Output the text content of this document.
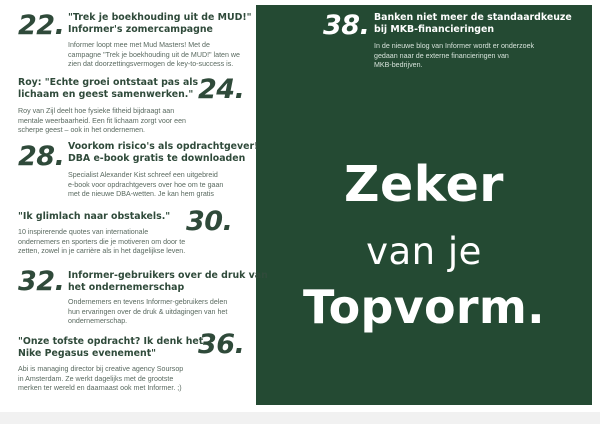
22. "Trek je boekhouding uit de MUD!"
Informer's zomercampagne
Informer loopt mee met Mud Masters! Met de
campagne "Trek je boekhouding uit de MUD!" laten we
zien dat doorzettingsvermogen de key-to-success is.
Roy: "Echte groei ontstaat pas als
lichaam en geest samenwerken." 24.
Roy van Zijl deelt hoe fysieke fitheid bijdraagt aan
mentale weerbaarheid. Een fit lichaam zorgt voor een
scherpe geest – ook in het ondernemen.
28. Voorkom risico's als opdrachtgever!
DBA e-book gratis te downloaden
Specialist Alexander Kist schreef een uitgebreid
e-book voor opdrachtgevers over hoe om te gaan
met de nieuwe DBA-wetten. Je kan hem gratis
"Ik glimlach naar obstakels." 30.
10 inspirerende quotes van internationale
ondernemers en sporters die je motiveren om door te
zetten, zowel in je carrière als in het dagelijkse leven.
32. Informer-gebruikers over de druk van
het ondernemerschap
Ondernemers en tevens Informer-gebruikers delen
hun ervaringen over de druk & uitdagingen van het
ondernemerschap.
"Onze tofste opdracht? Ik denk het
Nike Pegasus evenement" 36.
Abi is managing director bij creative agency Soursop
in Amsterdam. Ze werkt dagelijks met de grootste
merken ter wereld en daarnaast ook met Informer. ;)
38. Banken niet meer de standaardkeuze
bij MKB-financieringen
In de nieuwe blog van Informer wordt er onderzoek
gedaan naar de externe financieringen van
MKB-bedrijven.
Zeker
van je
Topvorm.
